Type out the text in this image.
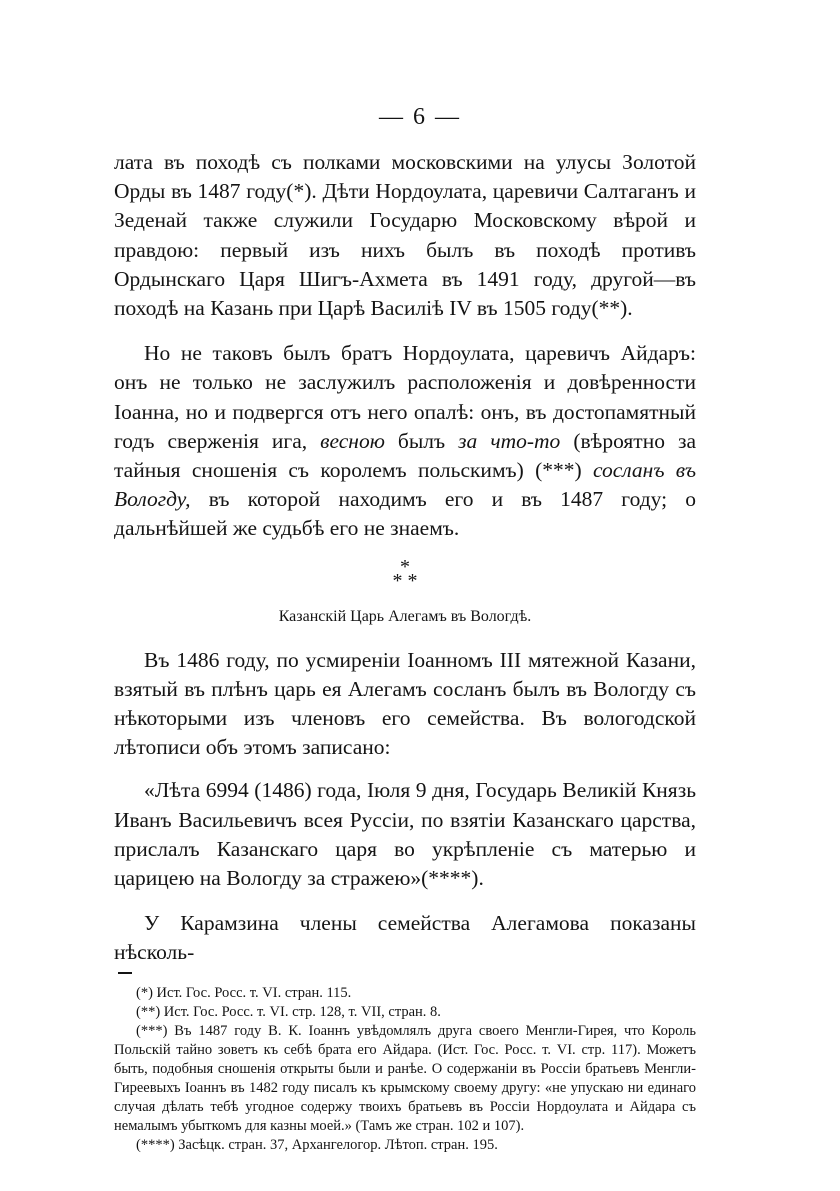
— 6 —

лата въ походѣ съ полками московскими на улусы Золотой Орды въ 1487 году(*). Дѣти Нордоулата, царевичи Салтаганъ и Зеденай также служили Государю Московскому вѣрой и правдою: первый изъ нихъ былъ въ походѣ противъ Ордынскаго Царя Шигъ-Ахмета въ 1491 году, другой—въ походѣ на Казань при Царѣ Василіѣ IV въ 1505 году(**).

Но не таковъ былъ братъ Нордоулата, царевичъ Айдаръ: онъ не только не заслужилъ расположенія и довѣренности Іоанна, но и подвергся отъ него опалѣ: онъ, въ достопамятный годъ сверженія ига, весною былъ за что-то (вѣроятно за тайныя сношенія съ королемъ польскимъ) (***) сосланъ въ Вологду, въ которой находимъ его и въ 1487 году; о дальнѣйшей же судьбѣ его не знаемъ.

*
* *
Казанскій Царь Алегамъ въ Вологдѣ.

Въ 1486 году, по усмиреніи Іоанномъ III мятежной Казани, взятый въ плѣнъ царь ея Алегамъ сосланъ былъ въ Вологду съ нѣкоторыми изъ членовъ его семейства. Въ вологодской лѣтописи объ этомъ записано:

«Лѣта 6994 (1486) года, Іюля 9 дня, Государь Великій Князь Иванъ Васильевичъ всея Руссіи, по взятіи Казанскаго царства, прислалъ Казанскаго царя во укрѣпленіе съ матерью и царицею на Вологду за стражею»(****).

У Карамзина члены семейства Алегамова показаны нѣсколь-

(*) Ист. Гос. Росс. т. VI. стран. 115.
(**) Ист. Гос. Росс. т. VI. стр. 128, т. VII, стран. 8.
(***) Въ 1487 году В. К. Іоаннъ увѣдомлялъ друга своего Менгли-Гирея, что Король Польскій тайно зоветъ къ себѣ брата его Айдара. (Ист. Гос. Росс. т. VI. стр. 117). Можетъ быть, подобныя сношенія открыты были и ранѣе. О содержаніи въ Россіи братьевъ Менгли-Гиреевыхъ Іоаннъ въ 1482 году писалъ къ крымскому своему другу: «не упускаю ни единаго случая дѣлать тебѣ угодное содержу твоихъ братьевъ въ Россіи Нордоулата и Айдара съ немалымъ убыткомъ для казны моей.» (Тамъ же стран. 102 и 107).
(****) Засѣцк. стран. 37, Архангелогор. Лѣтоп. стран. 195.
